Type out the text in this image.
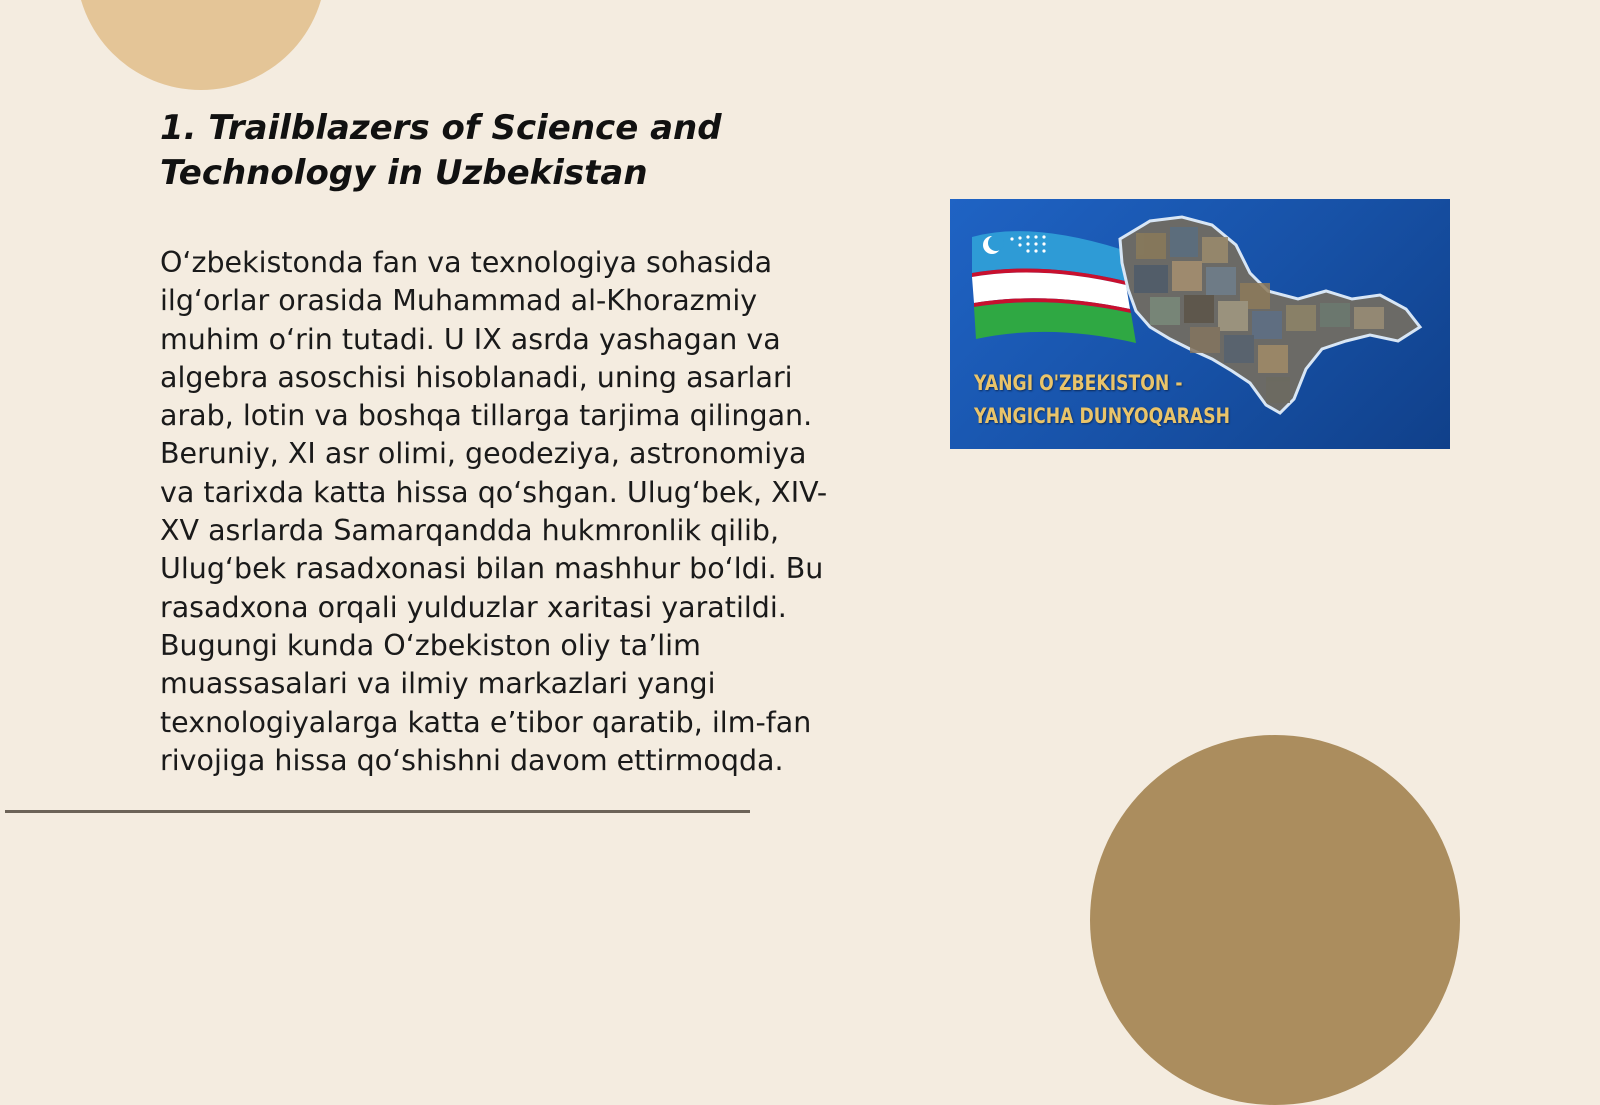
1. Trailblazers of Science and Technology in Uzbekistan

O‘zbekistonda fan va texnologiya sohasida ilg‘orlar orasida Muhammad al-Khorazmiy muhim o‘rin tutadi. U IX asrda yashagan va algebra asoschisi hisoblanadi, uning asarlari arab, lotin va boshqa tillarga tarjima qilingan. Beruniy, XI asr olimi, geodeziya, astronomiya va tarixda katta hissa qo‘shgan. Ulug‘bek, XIV-XV asrlarda Samarqandda hukmronlik qilib, Ulug‘bek rasadxonasi bilan mashhur bo‘ldi. Bu rasadxona orqali yulduzlar xaritasi yaratildi. Bugungi kunda O‘zbekiston oliy ta’lim muassasalari va ilmiy markazlari yangi texnologiyalarga katta e’tibor qaratib, ilm-fan rivojiga hissa qo‘shishni davom ettirmoqda.

YANGI O'ZBEKISTON -
YANGICHA DUNYOQARASH
